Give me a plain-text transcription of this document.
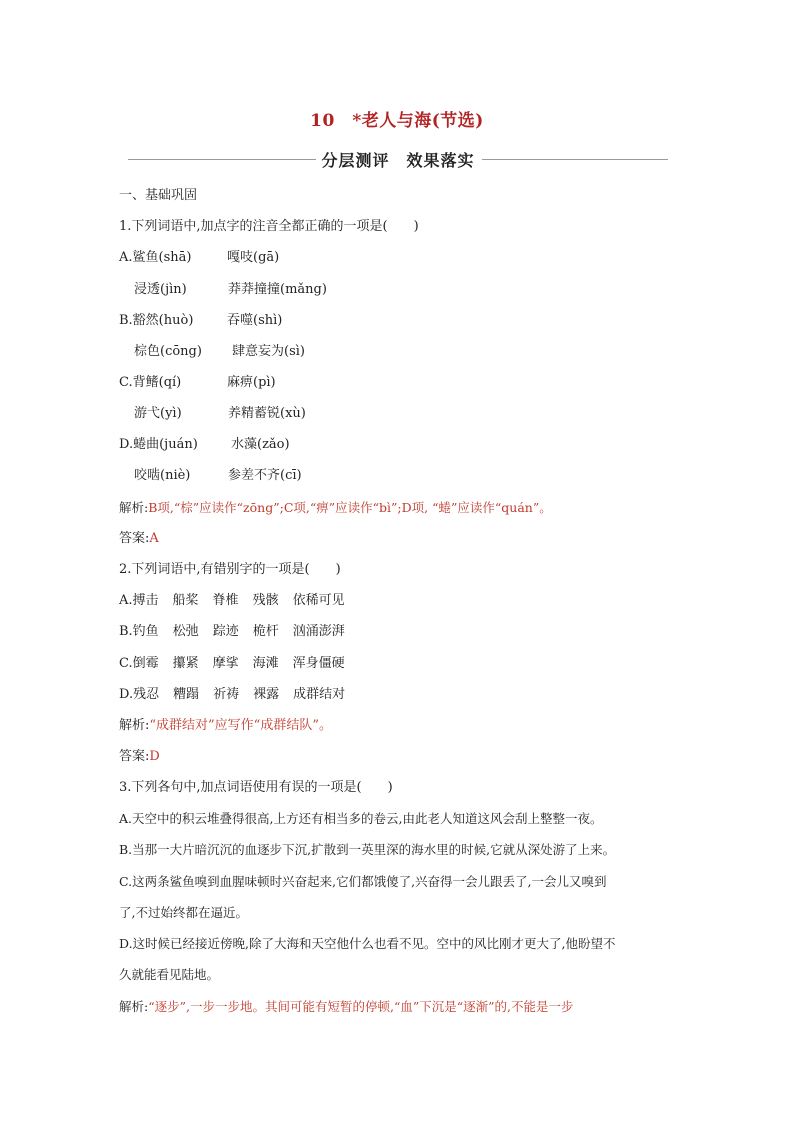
10　*老人与海(节选)
分层测评　效果落实
一、基础巩固
1.下列词语中,加点字的注音全都正确的一项是(　　)
A.鲨鱼(shā)	嘎吱(gā)
浸透(jìn)	莽莽撞撞(mǎng)
B.豁然(huò)	吞噬(shì)
棕色(cōng) 肆意妄为(sì)
C.背鳍(qí)	麻痹(pì)
游弋(yì)	养精蓄锐(xù)
D.蜷曲(juán)	水藻(zǎo)
咬啮(niè)	参差不齐(cī)
解析:B项,“棕”应读作“zōng”;C项,“痹”应读作“bì”;D项, “蜷”应读作“quán”。
答案:A
2.下列词语中,有错别字的一项是(　　)
A.搏击 船桨 脊椎 残骸 依稀可见
B.钓鱼 松弛 踪迹 桅杆 汹涌澎湃
C.倒霉 攥紧 摩挲 海滩 浑身僵硬
D.残忍 糟蹋 祈祷 裸露 成群结对
解析:“成群结对”应写作“成群结队”。
答案:D
3.下列各句中,加点词语使用有误的一项是(　　)
A.天空中的积云堆叠得很高,上方还有相当多的卷云,由此老人知道这风会刮上整整一夜。
B.当那一大片暗沉沉的血逐步下沉,扩散到一英里深的海水里的时候,它就从深处游了上来。
C.这两条鲨鱼嗅到血腥味顿时兴奋起来,它们都饿傻了,兴奋得一会儿跟丢了,一会儿又嗅到
了,不过始终都在逼近。
D.这时候已经接近傍晚,除了大海和天空他什么也看不见。空中的风比刚才更大了,他盼望不
久就能看见陆地。
解析:“逐步”,一步一步地。其间可能有短暂的停顿,“血”下沉是“逐渐”的,不能是一步
